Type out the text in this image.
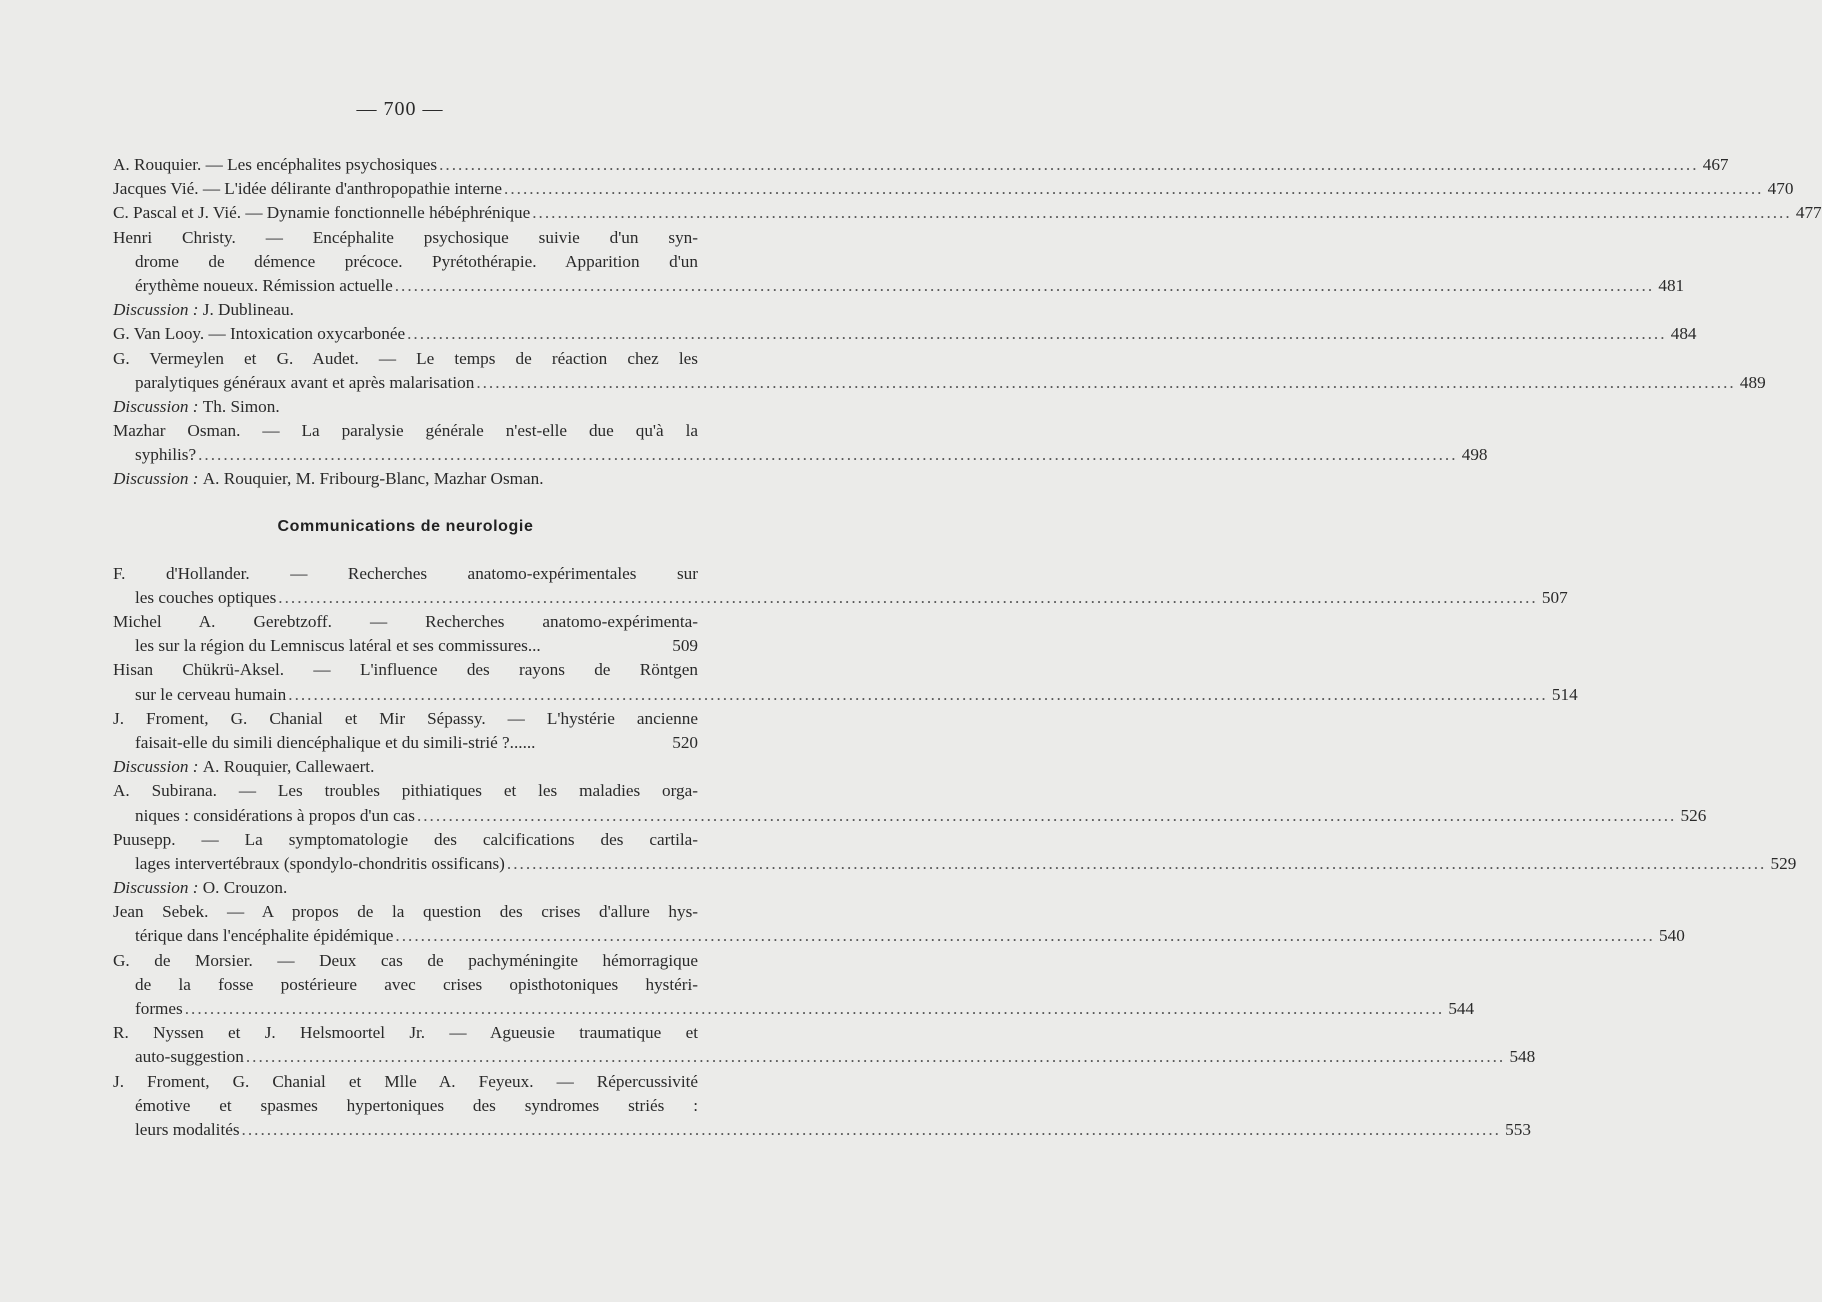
— 700 —
A. Rouquier. — Les encéphalites psychosiques ........................................................................................................................................................................................................ 467
Jacques Vié. — L'idée délirante d'anthropopathie interne ........................................................................................................................................................................................................ 470
C. Pascal et J. Vié. — Dynamie fonctionnelle hébéphrénique ........................................................................................................................................................................................................ 477
Henri Christy. — Encéphalite psychosique suivie d'un syn-
drome de démence précoce. Pyrétothérapie. Apparition d'un
érythème noueux. Rémission actuelle ........................................................................................................................................................................................................ 481
Discussion : J. Dublineau.
G. Van Looy. — Intoxication oxycarbonée ........................................................................................................................................................................................................ 484
G. Vermeylen et G. Audet. — Le temps de réaction chez les
paralytiques généraux avant et après malarisation ........................................................................................................................................................................................................ 489
Discussion : Th. Simon.
Mazhar Osman. — La paralysie générale n'est-elle due qu'à la
syphilis? ........................................................................................................................................................................................................ 498
Discussion : A. Rouquier, M. Fribourg-Blanc, Mazhar Osman.
Communications de neurologie
F. d'Hollander. — Recherches anatomo-expérimentales sur
les couches optiques ........................................................................................................................................................................................................ 507
Michel A. Gerebtzoff. — Recherches anatomo-expérimenta-
les sur la région du Lemniscus latéral et ses commissures...	509
Hisan Chükrü-Aksel. — L'influence des rayons de Röntgen
sur le cerveau humain ........................................................................................................................................................................................................ 514
J. Froment, G. Chanial et Mir Sépassy. — L'hystérie ancienne
faisait-elle du simili diencéphalique et du simili-strié ?......	520
Discussion : A. Rouquier, Callewaert.
A. Subirana. — Les troubles pithiatiques et les maladies orga-
niques : considérations à propos d'un cas ........................................................................................................................................................................................................ 526
Puusepp. — La symptomatologie des calcifications des cartila-
lages intervertébraux (spondylo-chondritis ossificans) ........................................................................................................................................................................................................ 529
Discussion : O. Crouzon.
Jean Sebek. — A propos de la question des crises d'allure hys-
térique dans l'encéphalite épidémique ........................................................................................................................................................................................................ 540
G. de Morsier. — Deux cas de pachyméningite hémorragique
de la fosse postérieure avec crises opisthotoniques hystéri-
formes ........................................................................................................................................................................................................ 544
R. Nyssen et J. Helsmoortel Jr. — Agueusie traumatique et
auto-suggestion ........................................................................................................................................................................................................ 548
J. Froment, G. Chanial et Mlle A. Feyeux. — Répercussivité
émotive et spasmes hypertoniques des syndromes striés :
leurs modalités ........................................................................................................................................................................................................ 553
